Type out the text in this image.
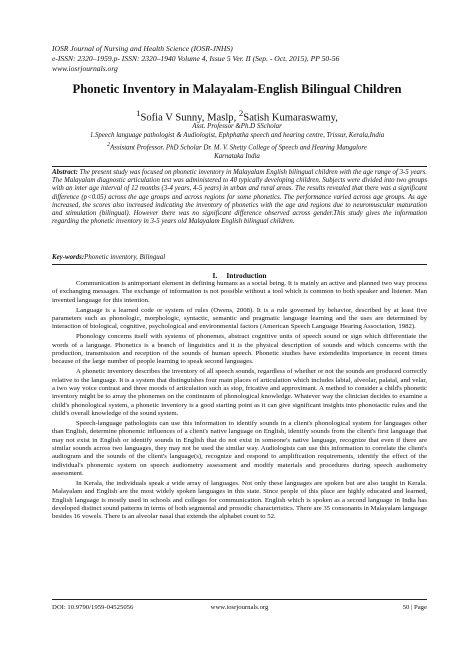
IOSR Journal of Nursing and Health Science (IOSR-JNHS)
e-ISSN: 2320–1959.p- ISSN: 2320–1940 Volume 4, Issue 5 Ver. II (Sep. - Oct. 2015), PP 50-56
www.iosrjournals.org
Phonetic Inventory in Malayalam-English Bilingual Children
$^1$Sofia V Sunny, Maslp, $^2$Satish Kumaraswamy,
Asst. Professor &Ph.D SScholar
1.Speech language pathologist & Audiologist, Ephphatha speech and hearing centre, Trissur, Kerala,India
$^2$Assistant Professor, PhD Scholar Dr. M. V. Shetty College of Speech and Hearing Mangalore
Karnataka India
Abstract: The present study was focused on phonetic inventory in Malayalam English bilingual children with the age range of 3-5 years. The Malayalam diagnostic articulation test was administered to 40 typically developing children. Subjects were divided into two groups with an inter age interval of 12 months (3-4 years, 4-5 years) in urban and rural areas. The results revealed that there was a significant difference (p<0.05) across the age groups and across regions for some phonetics. The performance varied across age groups. As age increased, the scores also increased indicating the inventory of phonetics with the age and regions due to neuromuscular maturation and stimulation (bilingual). However there was no significant difference observed across gender.This study gives the information regarding the phonetic inventory in 3-5 years old Malayalam English bilingual children.
Key-words:Phonetic inventory, Bilingual
I. Introduction

Communication is animportant element in defining humans as a social being. It is mainly an active and planned two way process of exchanging messages. The exchange of information is not possible without a tool which is common to both speaker and listener. Man invented language for this intention.

Language is a learned code or system of rules (Owens, 2008). It is a rule governed by behavior, described by at least five parameters such as phonologic, morphologic, syntactic, semantic and pragmatic language learning and the uses are determined by interaction of biological, cognitive, psychological and environmental factors (American Speech Language Hearing Association, 1982).

Phonology concerns itself with systems of phonemes, abstract cognitive units of speech sound or sign which differentiate the words of a language. Phonetics is a branch of linguistics and it is the physical description of sounds and which concerns with the production, transmission and reception of the sounds of human speech. Phonetic studies have extendedits importance in recent times because of the large number of people learning to speak second languages.

A phonetic inventory describes the inventory of all speech sounds, regardless of whether or not the sounds are produced correctly relative to the language. It is a system that distinguishes four main places of articulation which includes labial, alveolar, palatal, and velar, a two way voice contrast and three moods of articulation such as stop, fricative and approximant. A method to consider a child's phonetic inventory might be to array the phonemes on the continuum of phonological knowledge. Whatever way the clinician decides to examine a child's phonological system, a phonetic inventory is a good starting point as it can give significant insights into phonotactic rules and the child's overall knowledge of the sound system.

Speech-language pathologists can use this information to identify sounds in a client's phonological system for languages other than English, determine phonemic influences of a client's native language on English, identify sounds from the client's first language that may not exist in English or identify sounds in English that do not exist in someone's native language, recognize that even if there are similar sounds across two languages, they may not be used the similar way. Audiologists can use this information to correlate the client's audiogram and the sounds of the client's language(s), recognize and respond to amplification requirements, identify the effect of the individual's phonemic system on speech audiometry assessment and modify materials and procedures during speech audiometry assessment.

In Kerala, the individuals speak a wide array of languages. Not only these languages are spoken but are also taught in Kerala. Malayalam and English are the most widely spoken languages in this state. Since people of this place are highly educated and learned, English language is mostly used in schools and colleges for communication. English which is spoken as a second language in India has developed distinct sound patterns in terms of both segmental and prosodic characteristics. There are 35 consonants in Malayalam language besides 16 vowels. There is an alveolar nasal that extends the alphabet count to 52.

DOI: 10.9790/1959-04525056	www.iosrjournals.org	50 | Page
